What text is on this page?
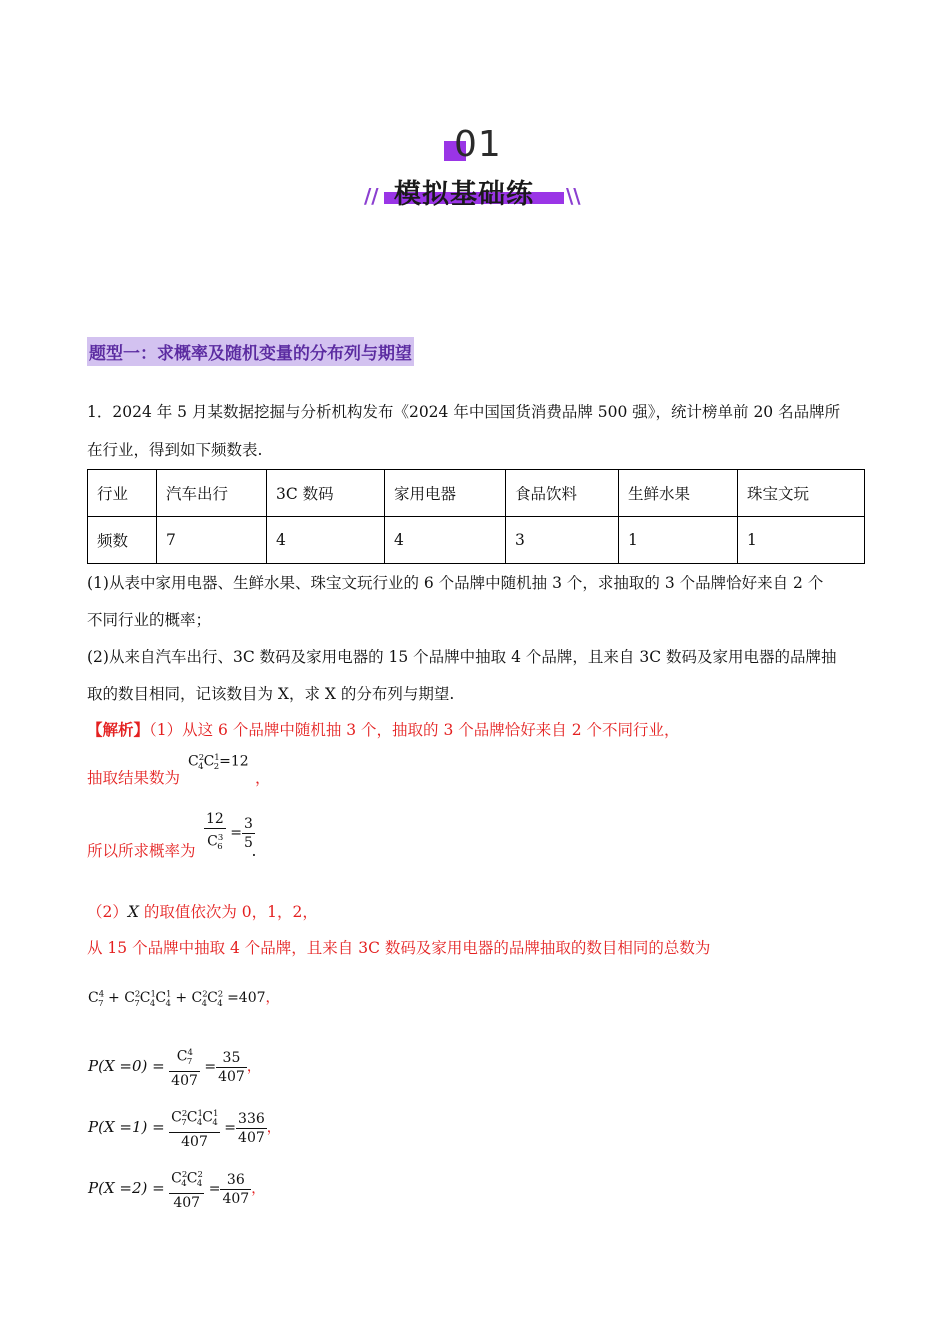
01
模拟基础练
//	\\
题型一：求概率及随机变量的分布列与期望
1．2024 年 5 月某数据挖掘与分析机构发布《2024 年中国国货消费品牌 500 强》，统计榜单前 20 名品牌所
在行业，得到如下频数表.
行业	汽车出行	3C 数码	家用电器	食品饮料	生鲜水果	珠宝文玩
频数	7	4	4	3	1	1
(1)从表中家用电器、生鲜水果、珠宝文玩行业的 6 个品牌中随机抽 3 个，求抽取的 3 个品牌恰好来自 2 个
不同行业的概率；
(2)从来自汽车出行、3C 数码及家用电器的 15 个品牌中抽取 4 个品牌，且来自 3C 数码及家用电器的品牌抽
取的数目相同，记该数目为 X，求 X 的分布列与期望.
【解析】（1）从这 6 个品牌中随机抽 3 个，抽取的 3 个品牌恰好来自 2 个不同行业，
$C^2_4C^1_2=12$
抽取结果数为	，
$\frac{12}{C^3_6} = \frac{3}{5}$
所以所求概率为	.
（2）X 的取值依次为 0，1，2，
从 15 个品牌中抽取 4 个品牌，且来自 3C 数码及家用电器的品牌抽取的数目相同的总数为
$C^4_7 + C^2_7C^1_4C^1_4 + C^2_4C^2_4 =407$，
$P(X =0) = \frac{C^4_7}{407} = \frac{35}{407}$ ，
$P(X =1) = \frac{C^2_7C^1_4C^1_4}{407} = \frac{336}{407}$ ，
$P(X =2) = \frac{C^2_4C^2_4}{407} = \frac{36}{407}$ ，
